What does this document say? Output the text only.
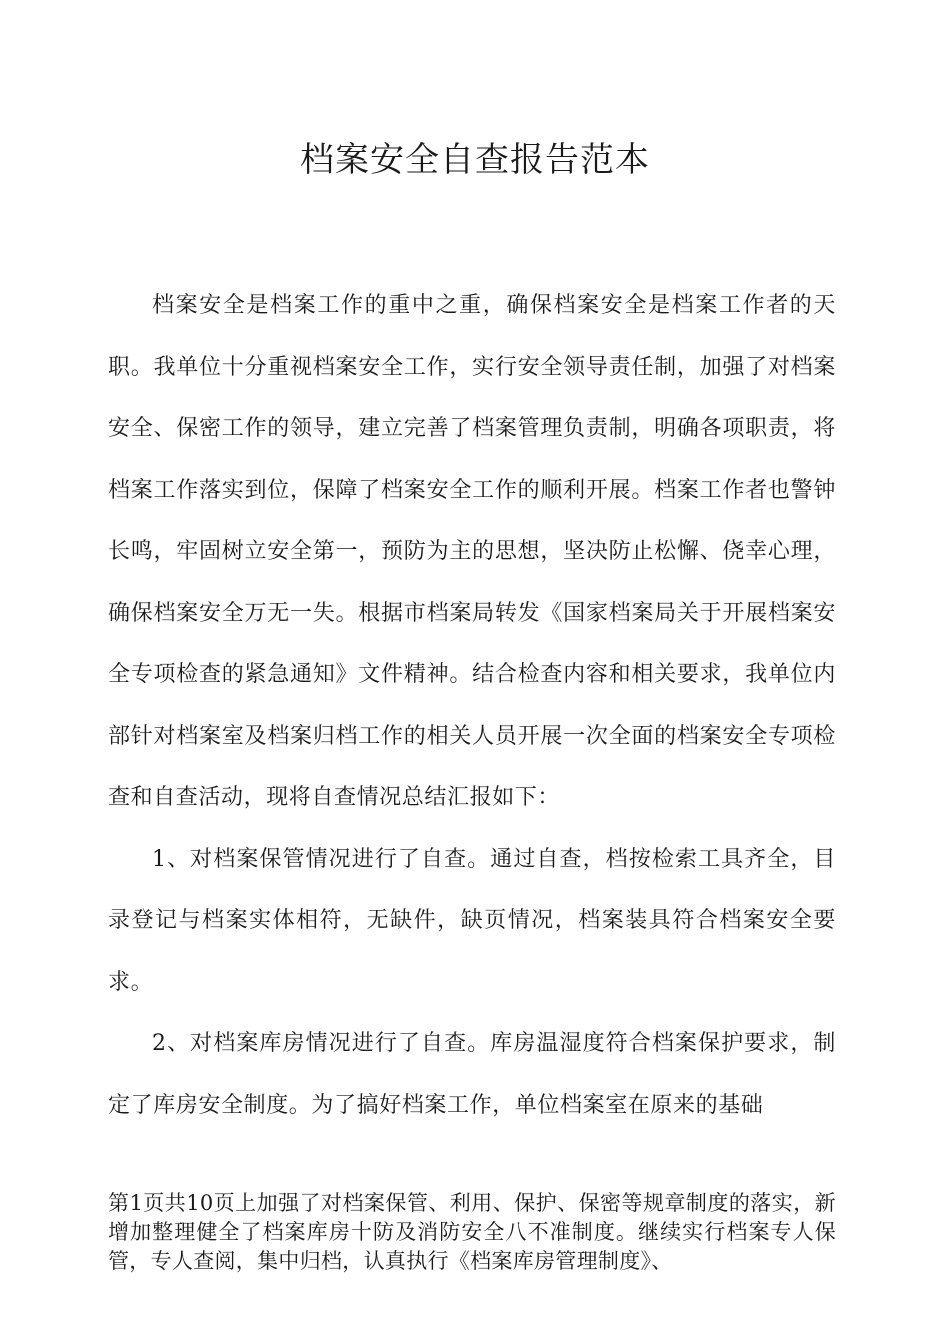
档案安全自查报告范本

档案安全是档案工作的重中之重，确保档案安全是档案工作者的天职。我单位十分重视档案安全工作，实行安全领导责任制，加强了对档案安全、保密工作的领导，建立完善了档案管理负责制，明确各项职责，将档案工作落实到位，保障了档案安全工作的顺利开展。档案工作者也警钟长鸣，牢固树立安全第一，预防为主的思想，坚决防止松懈、侥幸心理，确保档案安全万无一失。根据市档案局转发《国家档案局关于开展档案安全专项检查的紧急通知》文件精神。结合检查内容和相关要求，我单位内部针对档案室及档案归档工作的相关人员开展一次全面的档案安全专项检查和自查活动，现将自查情况总结汇报如下：

1、对档案保管情况进行了自查。通过自查，档按检索工具齐全，目录登记与档案实体相符，无缺件，缺页情况，档案装具符合档案安全要求。

2、对档案库房情况进行了自查。库房温湿度符合档案保护要求，制定了库房安全制度。为了搞好档案工作，单位档案室在原来的基础

第1页共10页上加强了对档案保管、利用、保护、保密等规章制度的落实，新增加整理健全了档案库房十防及消防安全八不准制度。继续实行档案专人保管，专人查阅，集中归档，认真执行《档案库房管理制度》、
